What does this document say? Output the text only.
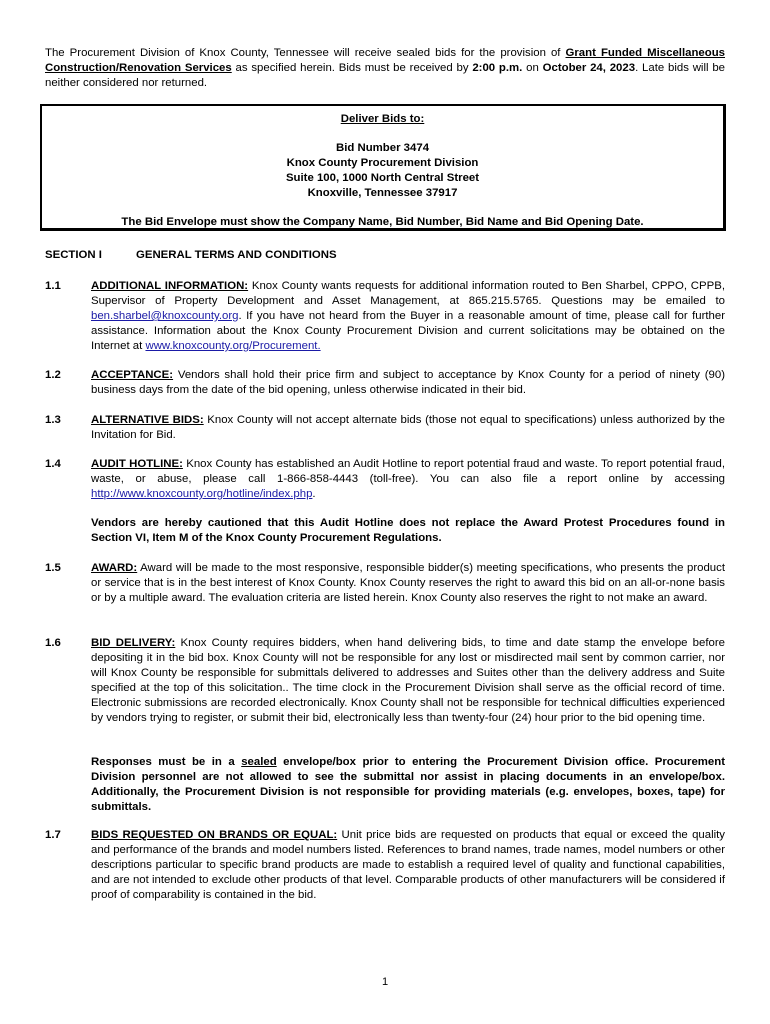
The Procurement Division of Knox County, Tennessee will receive sealed bids for the provision of Grant Funded Miscellaneous Construction/Renovation Services as specified herein. Bids must be received by 2:00 p.m. on October 24, 2023. Late bids will be neither considered nor returned.
Deliver Bids to:
Bid Number 3474
Knox County Procurement Division
Suite 100, 1000 North Central Street
Knoxville, Tennessee 37917
The Bid Envelope must show the Company Name, Bid Number, Bid Name and Bid Opening Date.
SECTION I	GENERAL TERMS AND CONDITIONS
1.1	ADDITIONAL INFORMATION: Knox County wants requests for additional information routed to Ben Sharbel, CPPO, CPPB, Supervisor of Property Development and Asset Management, at 865.215.5765. Questions may be emailed to ben.sharbel@knoxcounty.org. If you have not heard from the Buyer in a reasonable amount of time, please call for further assistance. Information about the Knox County Procurement Division and current solicitations may be obtained on the Internet at www.knoxcounty.org/Procurement.
1.2	ACCEPTANCE: Vendors shall hold their price firm and subject to acceptance by Knox County for a period of ninety (90) business days from the date of the bid opening, unless otherwise indicated in their bid.
1.3	ALTERNATIVE BIDS: Knox County will not accept alternate bids (those not equal to specifications) unless authorized by the Invitation for Bid.
1.4	AUDIT HOTLINE: Knox County has established an Audit Hotline to report potential fraud and waste. To report potential fraud, waste, or abuse, please call 1-866-858-4443 (toll-free). You can also file a report online by accessing http://www.knoxcounty.org/hotline/index.php.
Vendors are hereby cautioned that this Audit Hotline does not replace the Award Protest Procedures found in Section VI, Item M of the Knox County Procurement Regulations.
1.5	AWARD: Award will be made to the most responsive, responsible bidder(s) meeting specifications, who presents the product or service that is in the best interest of Knox County. Knox County reserves the right to award this bid on an all-or-none basis or by a multiple award. The evaluation criteria are listed herein. Knox County also reserves the right to not make an award.
1.6	BID DELIVERY: Knox County requires bidders, when hand delivering bids, to time and date stamp the envelope before depositing it in the bid box. Knox County will not be responsible for any lost or misdirected mail sent by common carrier, nor will Knox County be responsible for submittals delivered to addresses and Suites other than the delivery address and Suite specified at the top of this solicitation.. The time clock in the Procurement Division shall serve as the official record of time. Electronic submissions are recorded electronically. Knox County shall not be responsible for technical difficulties experienced by vendors trying to register, or submit their bid, electronically less than twenty-four (24) hour prior to the bid opening time.
Responses must be in a sealed envelope/box prior to entering the Procurement Division office. Procurement Division personnel are not allowed to see the submittal nor assist in placing documents in an envelope/box. Additionally, the Procurement Division is not responsible for providing materials (e.g. envelopes, boxes, tape) for submittals.
1.7	BIDS REQUESTED ON BRANDS OR EQUAL: Unit price bids are requested on products that equal or exceed the quality and performance of the brands and model numbers listed. References to brand names, trade names, model numbers or other descriptions particular to specific brand products are made to establish a required level of quality and functional capabilities, and are not intended to exclude other products of that level. Comparable products of other manufacturers will be considered if proof of comparability is contained in the bid.
1
